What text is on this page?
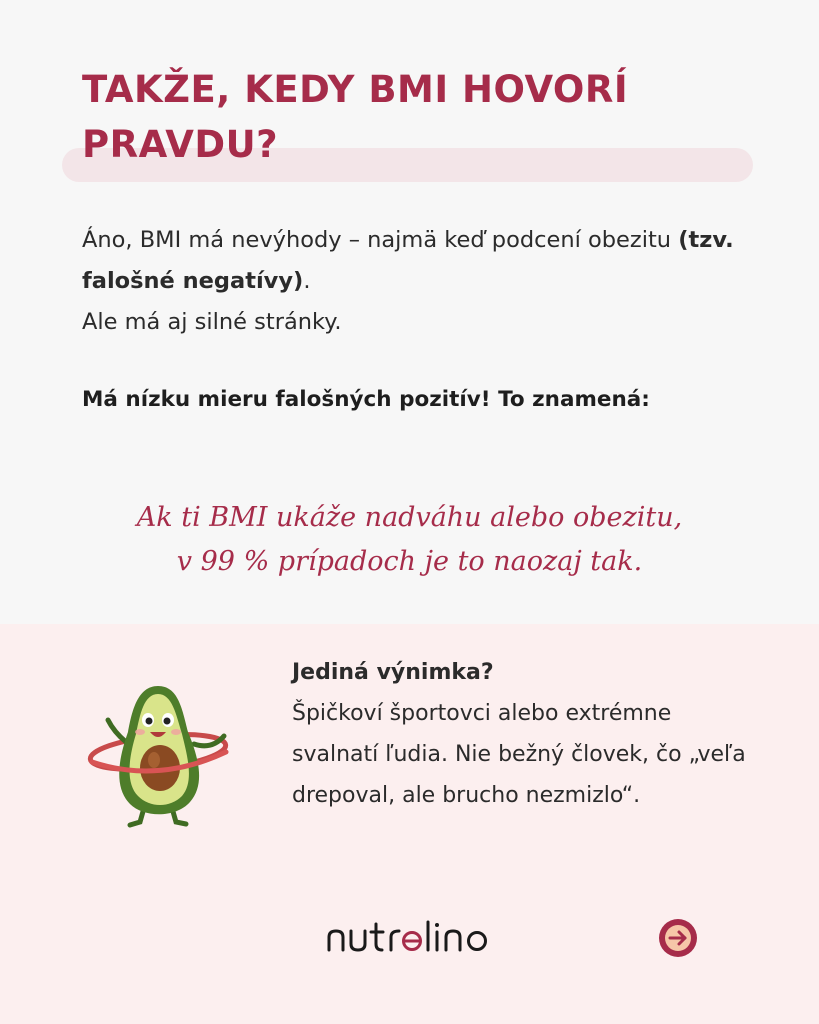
TAKŽE, KEDY BMI HOVORÍ
PRAVDU?
Áno, BMI má nevýhody – najmä keď podcení obezitu (tzv. falošné negatívy).
Ale má aj silné stránky.
Má nízku mieru falošných pozitív! To znamená:
Ak ti BMI ukáže nadváhu alebo obezitu,
v 99 % prípadoch je to naozaj tak.
Jediná výnimka?
Špičkoví športovci alebo extrémne svalnatí ľudia. Nie bežný človek, čo „veľa drepoval, ale brucho nezmizlo“.
nutrelino
